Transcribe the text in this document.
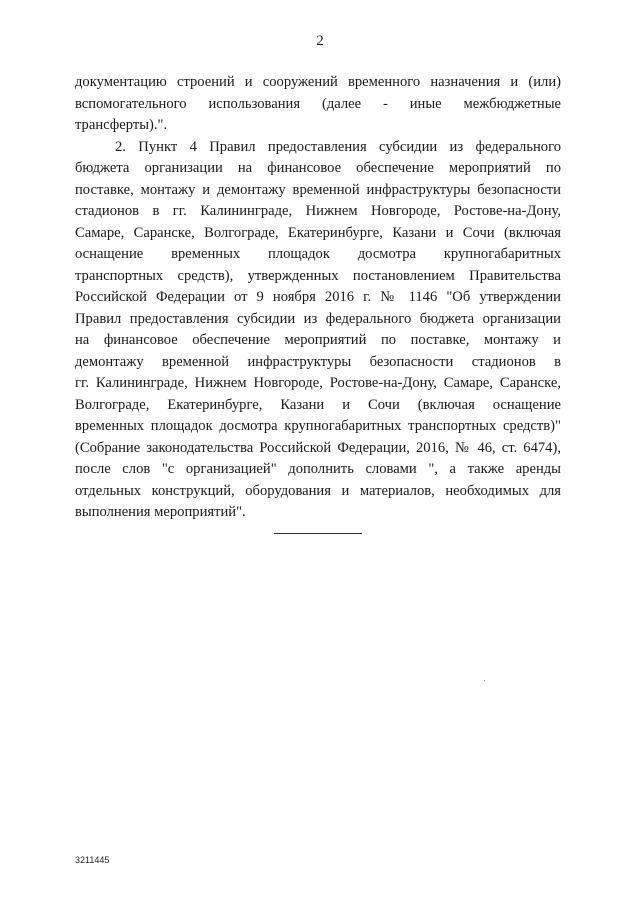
2
документацию строений и сооружений временного назначения и (или)
вспомогательного использования (далее - иные межбюджетные
трансферты).".
2. Пункт 4 Правил предоставления субсидии из федерального
бюджета организации на финансовое обеспечение мероприятий по
поставке, монтажу и демонтажу временной инфраструктуры безопасности
стадионов в гг. Калининграде, Нижнем Новгороде, Ростове-на-Дону,
Самаре, Саранске, Волгограде, Екатеринбурге, Казани и Сочи (включая
оснащение временных площадок досмотра крупногабаритных
транспортных средств), утвержденных постановлением Правительства
Российской Федерации от 9 ноября 2016 г. № 1146 "Об утверждении
Правил предоставления субсидии из федерального бюджета организации
на финансовое обеспечение мероприятий по поставке, монтажу и
демонтажу временной инфраструктуры безопасности стадионов в
гг. Калининграде, Нижнем Новгороде, Ростове-на-Дону, Самаре, Саранске,
Волгограде, Екатеринбурге, Казани и Сочи (включая оснащение
временных площадок досмотра крупногабаритных транспортных средств)"
(Собрание законодательства Российской Федерации, 2016, № 46, ст. 6474),
после слов "с организацией" дополнить словами ", а также аренды
отдельных конструкций, оборудования и материалов, необходимых для
выполнения мероприятий".
3211445
